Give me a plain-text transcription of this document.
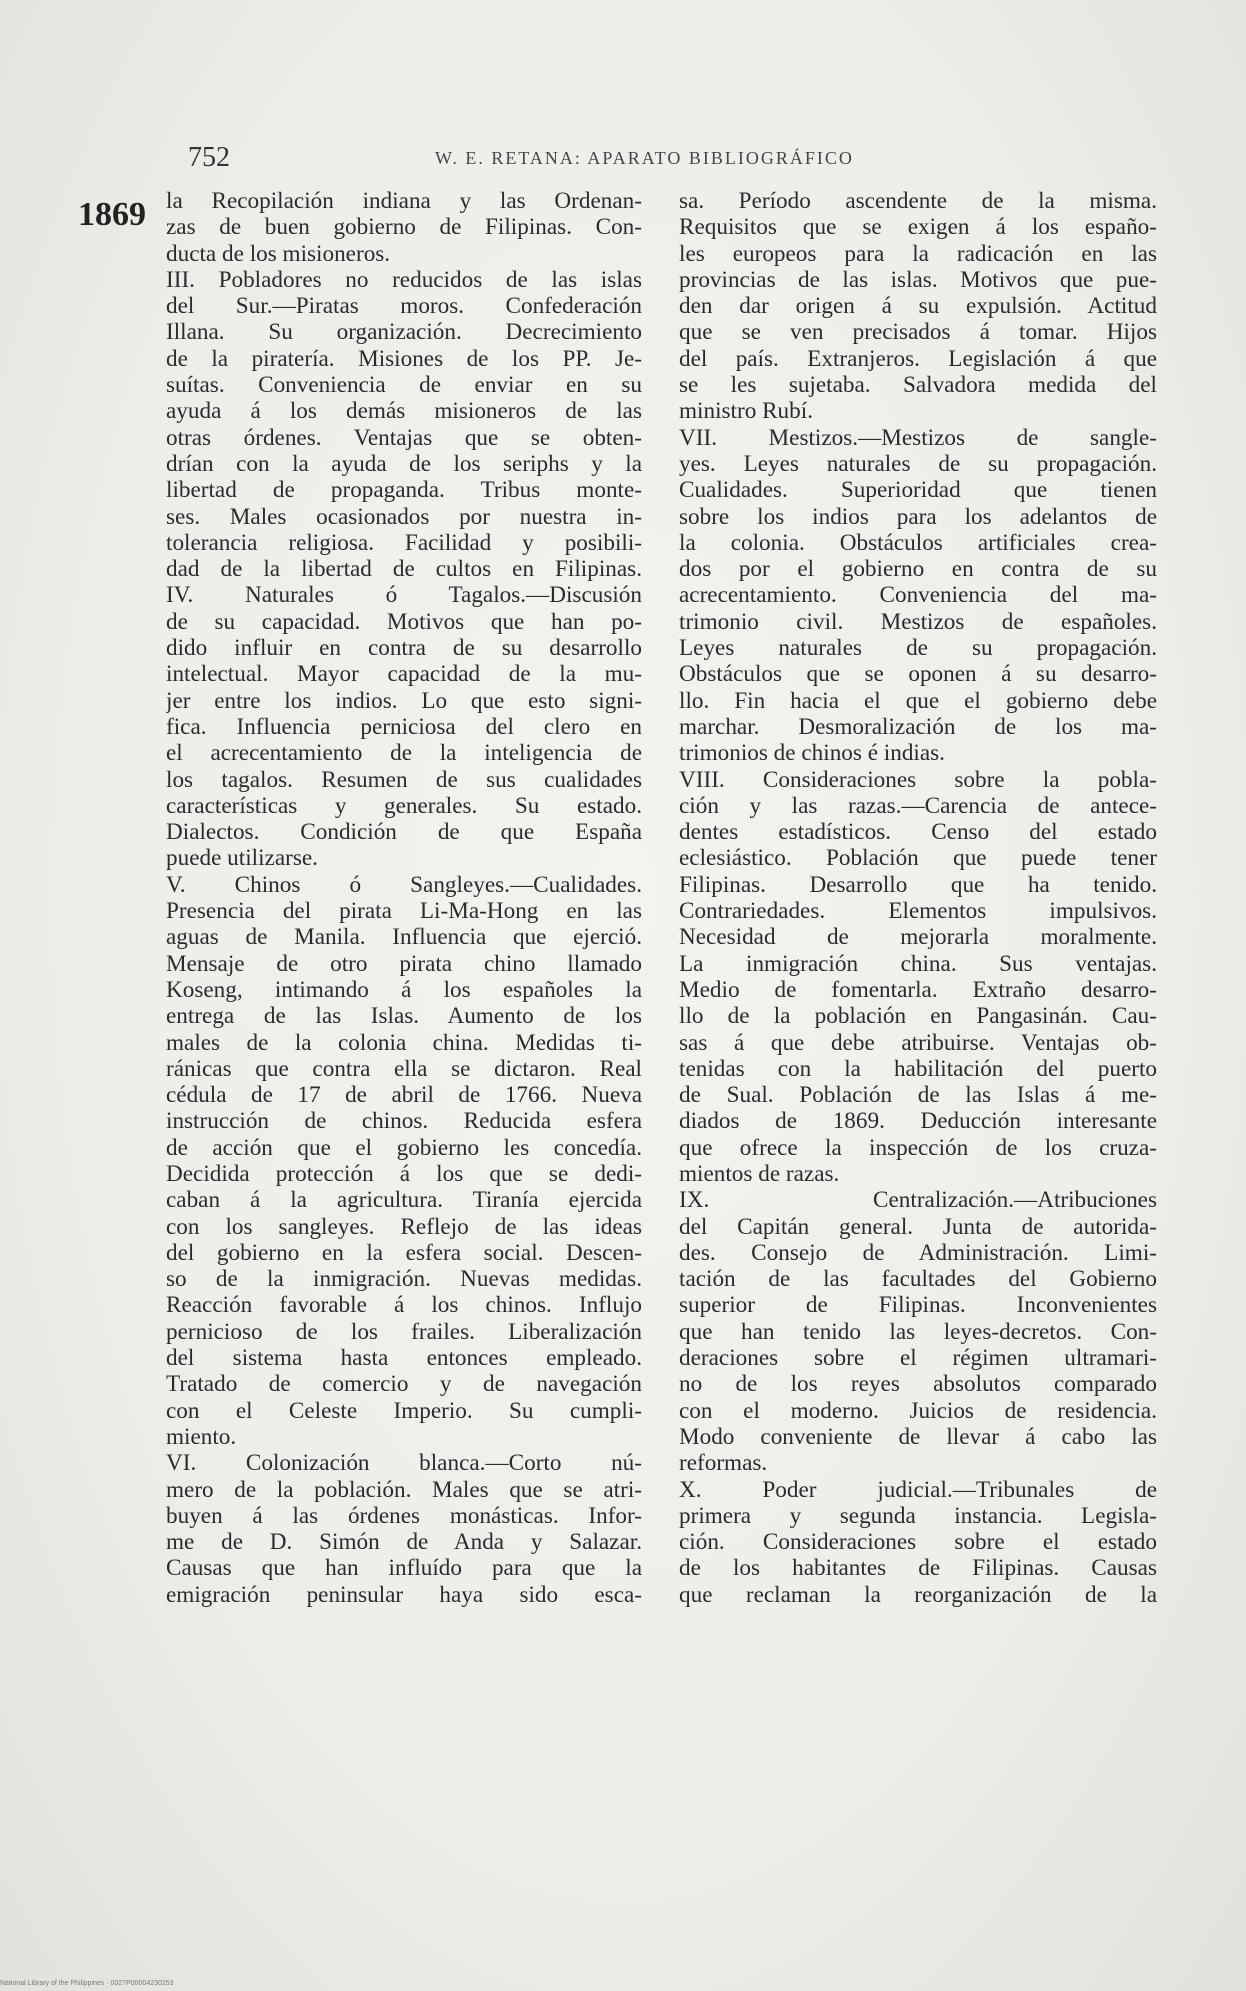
752	W. E. RETANA: APARATO BIBLIOGRÁFICO
1869 la Recopilación indiana y las Ordenan-
zas de buen gobierno de Filipinas. Con-
ducta de los misioneros.
III. Pobladores no reducidos de las islas
del Sur.—Piratas moros. Confederación
Illana. Su organización. Decrecimiento
de la piratería. Misiones de los PP. Je-
suítas. Conveniencia de enviar en su
ayuda á los demás misioneros de las
otras órdenes. Ventajas que se obten-
drían con la ayuda de los seriphs y la
libertad de propaganda. Tribus monte-
ses. Males ocasionados por nuestra in-
tolerancia religiosa. Facilidad y posibili-
dad de la libertad de cultos en Filipinas.
IV. Naturales ó Tagalos.—Discusión
de su capacidad. Motivos que han po-
dido influir en contra de su desarrollo
intelectual. Mayor capacidad de la mu-
jer entre los indios. Lo que esto signi-
fica. Influencia perniciosa del clero en
el acrecentamiento de la inteligencia de
los tagalos. Resumen de sus cualidades
características y generales. Su estado.
Dialectos. Condición de que España
puede utilizarse.
V. Chinos ó Sangleyes.—Cualidades.
Presencia del pirata Li-Ma-Hong en las
aguas de Manila. Influencia que ejerció.
Mensaje de otro pirata chino llamado
Koseng, intimando á los españoles la
entrega de las Islas. Aumento de los
males de la colonia china. Medidas ti-
ránicas que contra ella se dictaron. Real
cédula de 17 de abril de 1766. Nueva
instrucción de chinos. Reducida esfera
de acción que el gobierno les concedía.
Decidida protección á los que se dedi-
caban á la agricultura. Tiranía ejercida
con los sangleyes. Reflejo de las ideas
del gobierno en la esfera social. Descen-
so de la inmigración. Nuevas medidas.
Reacción favorable á los chinos. Influjo
pernicioso de los frailes. Liberalización
del sistema hasta entonces empleado.
Tratado de comercio y de navegación
con el Celeste Imperio. Su cumpli-
miento.
VI. Colonización blanca.—Corto nú-
mero de la población. Males que se atri-
buyen á las órdenes monásticas. Infor-
me de D. Simón de Anda y Salazar.
Causas que han influído para que la
emigración peninsular haya sido esca-
sa. Período ascendente de la misma.
Requisitos que se exigen á los españo-
les europeos para la radicación en las
provincias de las islas. Motivos que pue-
den dar origen á su expulsión. Actitud
que se ven precisados á tomar. Hijos
del país. Extranjeros. Legislación á que
se les sujetaba. Salvadora medida del
ministro Rubí.
VII. Mestizos.—Mestizos de sangle-
yes. Leyes naturales de su propagación.
Cualidades. Superioridad que tienen
sobre los indios para los adelantos de
la colonia. Obstáculos artificiales crea-
dos por el gobierno en contra de su
acrecentamiento. Conveniencia del ma-
trimonio civil. Mestizos de españoles.
Leyes naturales de su propagación.
Obstáculos que se oponen á su desarro-
llo. Fin hacia el que el gobierno debe
marchar. Desmoralización de los ma-
trimonios de chinos é indias.
VIII. Consideraciones sobre la pobla-
ción y las razas.—Carencia de antece-
dentes estadísticos. Censo del estado
eclesiástico. Población que puede tener
Filipinas. Desarrollo que ha tenido.
Contrariedades. Elementos impulsivos.
Necesidad de mejorarla moralmente.
La inmigración china. Sus ventajas.
Medio de fomentarla. Extraño desarro-
llo de la población en Pangasinán. Cau-
sas á que debe atribuirse. Ventajas ob-
tenidas con la habilitación del puerto
de Sual. Población de las Islas á me-
diados de 1869. Deducción interesante
que ofrece la inspección de los cruza-
mientos de razas.
IX. Centralización.—Atribuciones
del Capitán general. Junta de autorida-
des. Consejo de Administración. Limi-
tación de las facultades del Gobierno
superior de Filipinas. Inconvenientes
que han tenido las leyes-decretos. Con-
deraciones sobre el régimen ultramari-
no de los reyes absolutos comparado
con el moderno. Juicios de residencia.
Modo conveniente de llevar á cabo las
reformas.
X. Poder judicial.—Tribunales de
primera y segunda instancia. Legisla-
ción. Consideraciones sobre el estado
de los habitantes de Filipinas. Causas
que reclaman la reorganización de la
National Library of the Philippines · 0027P00004230253
